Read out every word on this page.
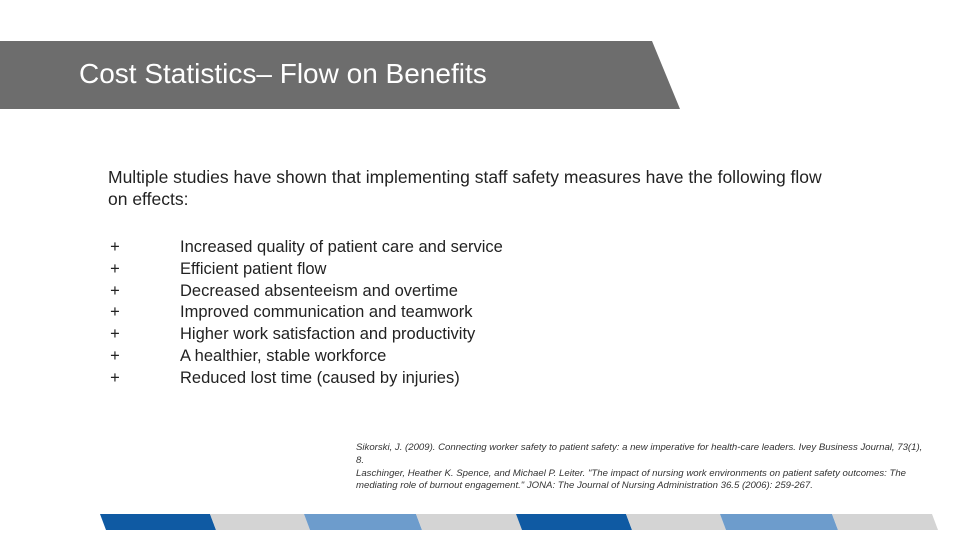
Cost Statistics– Flow on Benefits
Multiple studies have shown that implementing staff safety measures have the following flow on effects:
+	Increased quality of patient care and service
+	Efficient patient flow
+	Decreased absenteeism and overtime
+	Improved communication and teamwork
+	Higher work satisfaction and productivity
+	A healthier, stable workforce
+	Reduced lost time (caused by injuries)

Sikorski, J. (2009). Connecting worker safety to patient safety: a new imperative for health-care leaders. Ivey Business Journal, 73(1), 8.

Laschinger, Heather K. Spence, and Michael P. Leiter. "The impact of nursing work environments on patient safety outcomes: The mediating role of burnout engagement." JONA: The Journal of Nursing Administration 36.5 (2006): 259-267.
